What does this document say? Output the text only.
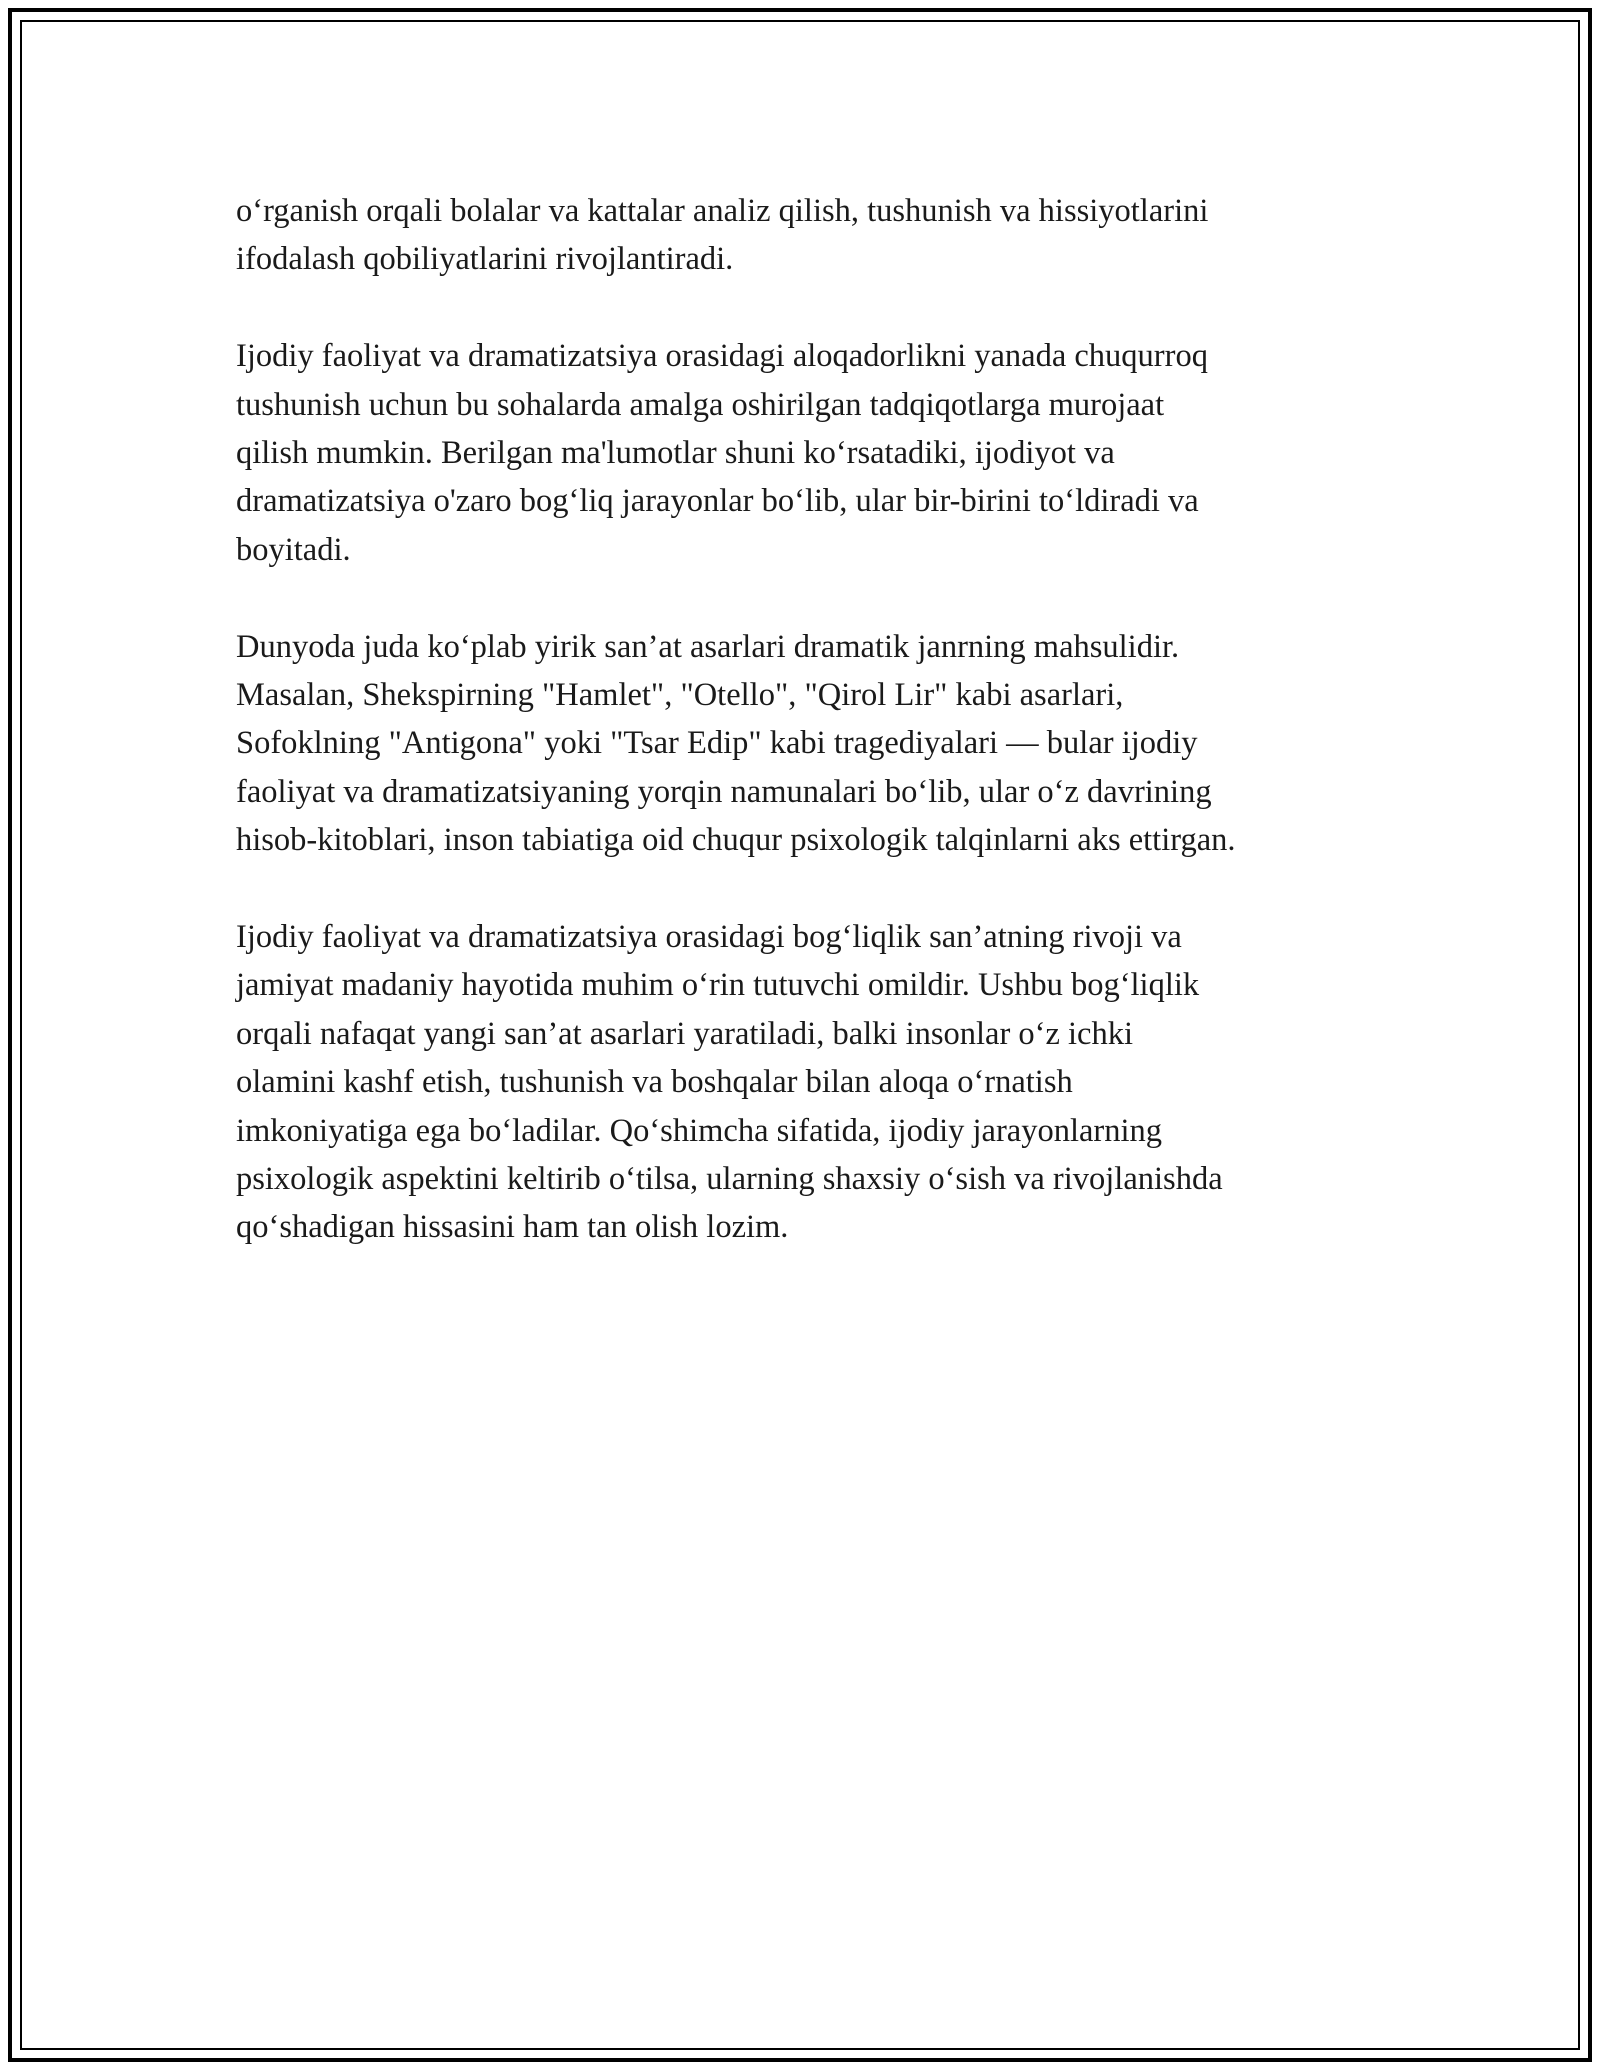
o‘rganish orqali bolalar va kattalar analiz qilish, tushunish va hissiyotlarini
ifodalash qobiliyatlarini rivojlantiradi.

Ijodiy faoliyat va dramatizatsiya orasidagi aloqadorlikni yanada chuqurroq
tushunish uchun bu sohalarda amalga oshirilgan tadqiqotlarga murojaat
qilish mumkin. Berilgan ma'lumotlar shuni ko‘rsatadiki, ijodiyot va
dramatizatsiya o'zaro bog‘liq jarayonlar bo‘lib, ular bir-birini to‘ldiradi va
boyitadi.

Dunyoda juda ko‘plab yirik san’at asarlari dramatik janrning mahsulidir.
Masalan, Shekspirning "Hamlet", "Otello", "Qirol Lir" kabi asarlari,
Sofoklning "Antigona" yoki "Tsar Edip" kabi tragediyalari — bular ijodiy
faoliyat va dramatizatsiyaning yorqin namunalari bo‘lib, ular o‘z davrining
hisob-kitoblari, inson tabiatiga oid chuqur psixologik talqinlarni aks ettirgan.

Ijodiy faoliyat va dramatizatsiya orasidagi bog‘liqlik san’atning rivoji va
jamiyat madaniy hayotida muhim o‘rin tutuvchi omildir. Ushbu bog‘liqlik
orqali nafaqat yangi san’at asarlari yaratiladi, balki insonlar o‘z ichki
olamini kashf etish, tushunish va boshqalar bilan aloqa o‘rnatish
imkoniyatiga ega bo‘ladilar. Qo‘shimcha sifatida, ijodiy jarayonlarning
psixologik aspektini keltirib o‘tilsa, ularning shaxsiy o‘sish va rivojlanishda
qo‘shadigan hissasini ham tan olish lozim.
